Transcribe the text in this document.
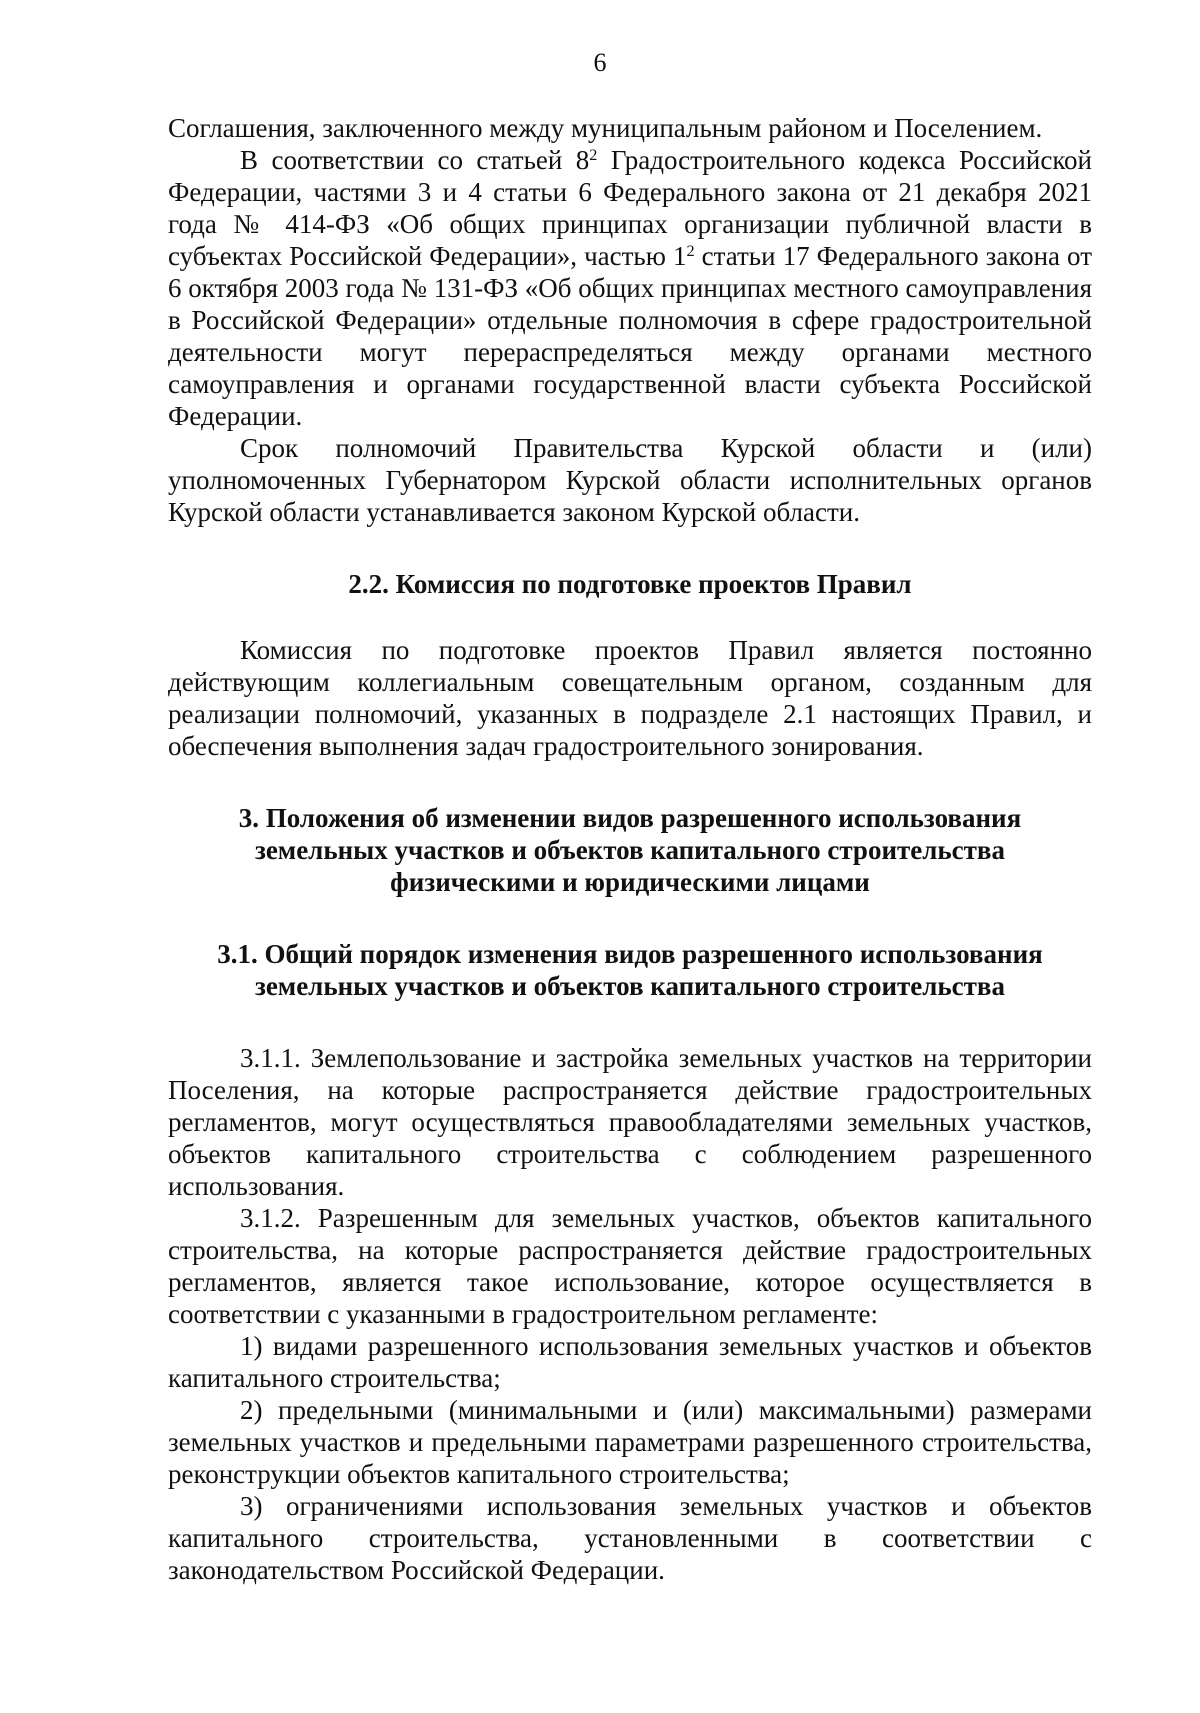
6

Соглашения, заключенного между муниципальным районом и Поселением.

В соответствии со статьей $8^2$ Градостроительного кодекса Российской Федерации, частями 3 и 4 статьи 6 Федерального закона от 21 декабря 2021 года № 414-ФЗ «Об общих принципах организации публичной власти в субъектах Российской Федерации», частью $1^2$ статьи 17 Федерального закона от 6 октября 2003 года № 131-ФЗ «Об общих принципах местного самоуправления в Российской Федерации» отдельные полномочия в сфере градостроительной деятельности могут перераспределяться между органами местного самоуправления и органами государственной власти субъекта Российской Федерации.

Срок полномочий Правительства Курской области и (или) уполномоченных Губернатором Курской области исполнительных органов Курской области устанавливается законом Курской области.

2.2. Комиссия по подготовке проектов Правил

Комиссия по подготовке проектов Правил является постоянно действующим коллегиальным совещательным органом, созданным для реализации полномочий, указанных в подразделе 2.1 настоящих Правил, и обеспечения выполнения задач градостроительного зонирования.

3. Положения об изменении видов разрешенного использования
земельных участков и объектов капитального строительства
физическими и юридическими лицами
3.1. Общий порядок изменения видов разрешенного использования
земельных участков и объектов капитального строительства

3.1.1. Землепользование и застройка земельных участков на территории Поселения, на которые распространяется действие градостроительных регламентов, могут осуществляться правообладателями земельных участков, объектов капитального строительства с соблюдением разрешенного использования.

3.1.2. Разрешенным для земельных участков, объектов капитального строительства, на которые распространяется действие градостроительных регламентов, является такое использование, которое осуществляется в соответствии с указанными в градостроительном регламенте:

1) видами разрешенного использования земельных участков и объектов капитального строительства;

2) предельными (минимальными и (или) максимальными) размерами земельных участков и предельными параметрами разрешенного строительства, реконструкции объектов капитального строительства;

3) ограничениями использования земельных участков и объектов капитального строительства, установленными в соответствии с законодательством Российской Федерации.
